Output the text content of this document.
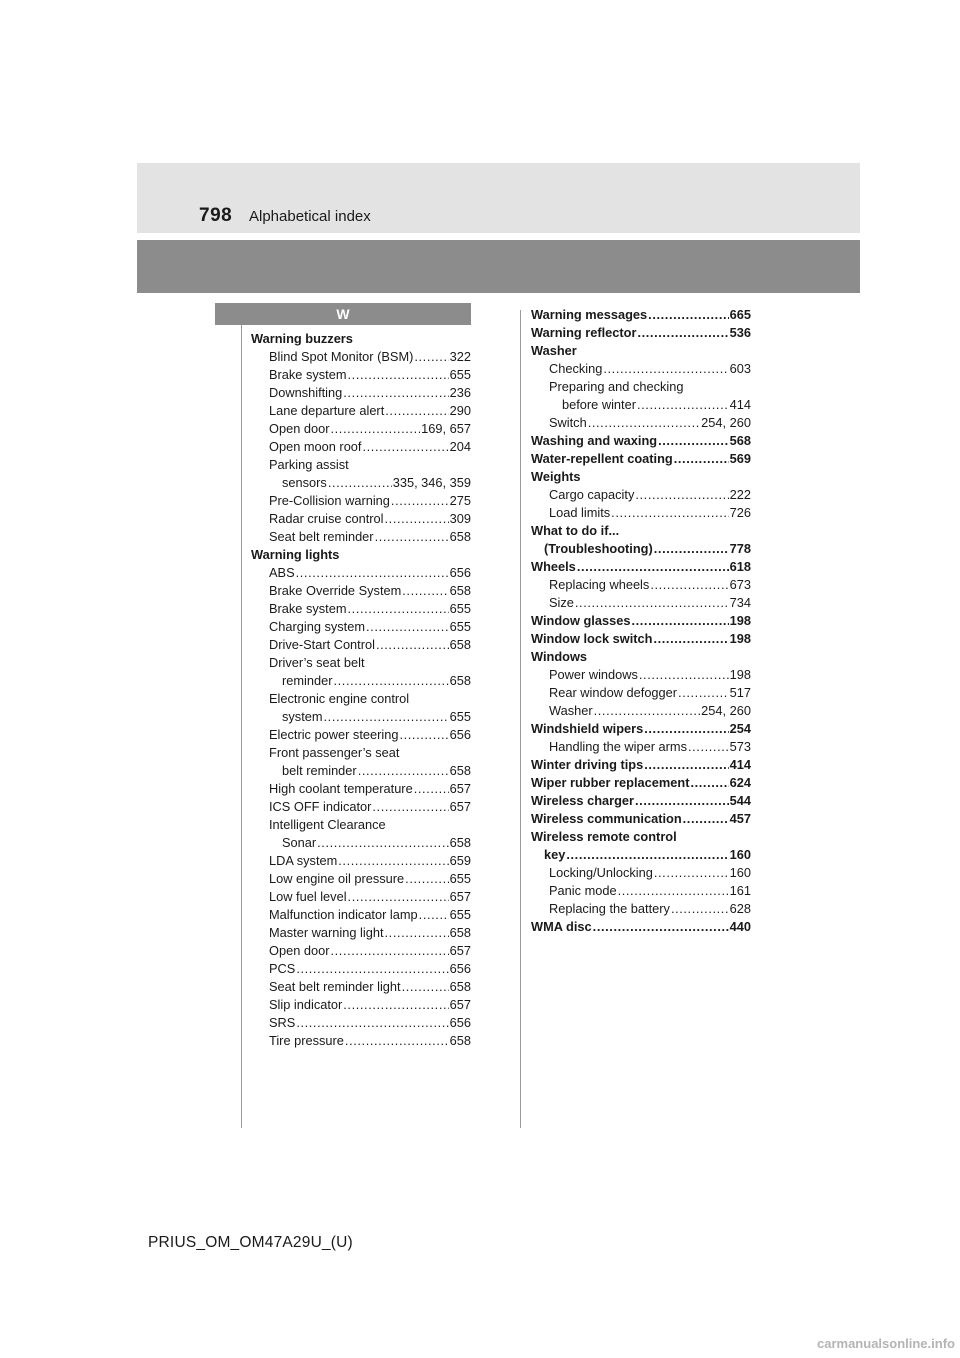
798 Alphabetical index
W
Warning buzzers
Blind Spot Monitor (BSM) .....	322
Brake system .....	655
Downshifting .....	236
Lane departure alert .....	290
Open door .....	169, 657
Open moon roof .....	204
Parking assist
sensors .....	335, 346, 359
Pre-Collision warning .....	275
Radar cruise control .....	309
Seat belt reminder .....	658
Warning lights
ABS .....	656
Brake Override System .....	658
Brake system .....	655
Charging system .....	655
Drive-Start Control .....	658
Driver’s seat belt
reminder .....	658
Electronic engine control
system .....	655
Electric power steering .....	656
Front passenger’s seat
belt reminder .....	658
High coolant temperature .....	657
ICS OFF indicator .....	657
Intelligent Clearance
Sonar .....	658
LDA system .....	659
Low engine oil pressure .....	655
Low fuel level .....	657
Malfunction indicator lamp ..... 655
Master warning light .....	658
Open door .....	657
PCS .....	656
Seat belt reminder light .....	658
Slip indicator .....	657
SRS .....	656
Tire pressure .....	658
Warning messages .....	665
Warning reflector .....	536
Washer
Checking .....	603
Preparing and checking
before winter .....	414
Switch .....	254, 260
Washing and waxing .....	568
Water-repellent coating .....	569
Weights
Cargo capacity .....	222
Load limits .....	726
What to do if...
(Troubleshooting) .....	778
Wheels .....	618
Replacing wheels .....	673
Size .....	734
Window glasses .....	198
Window lock switch .....	198
Windows
Power windows .....	198
Rear window defogger .....	517
Washer .....	254, 260
Windshield wipers .....	254
Handling the wiper arms .....	573
Winter driving tips .....	414
Wiper rubber replacement .....	624
Wireless charger .....	544
Wireless communication .....	457
Wireless remote control
key .....	160
Locking/Unlocking .....	160
Panic mode .....	161
Replacing the battery .....	628
WMA disc .....	440
PRIUS_OM_OM47A29U_(U)
carmanualsonline.info
